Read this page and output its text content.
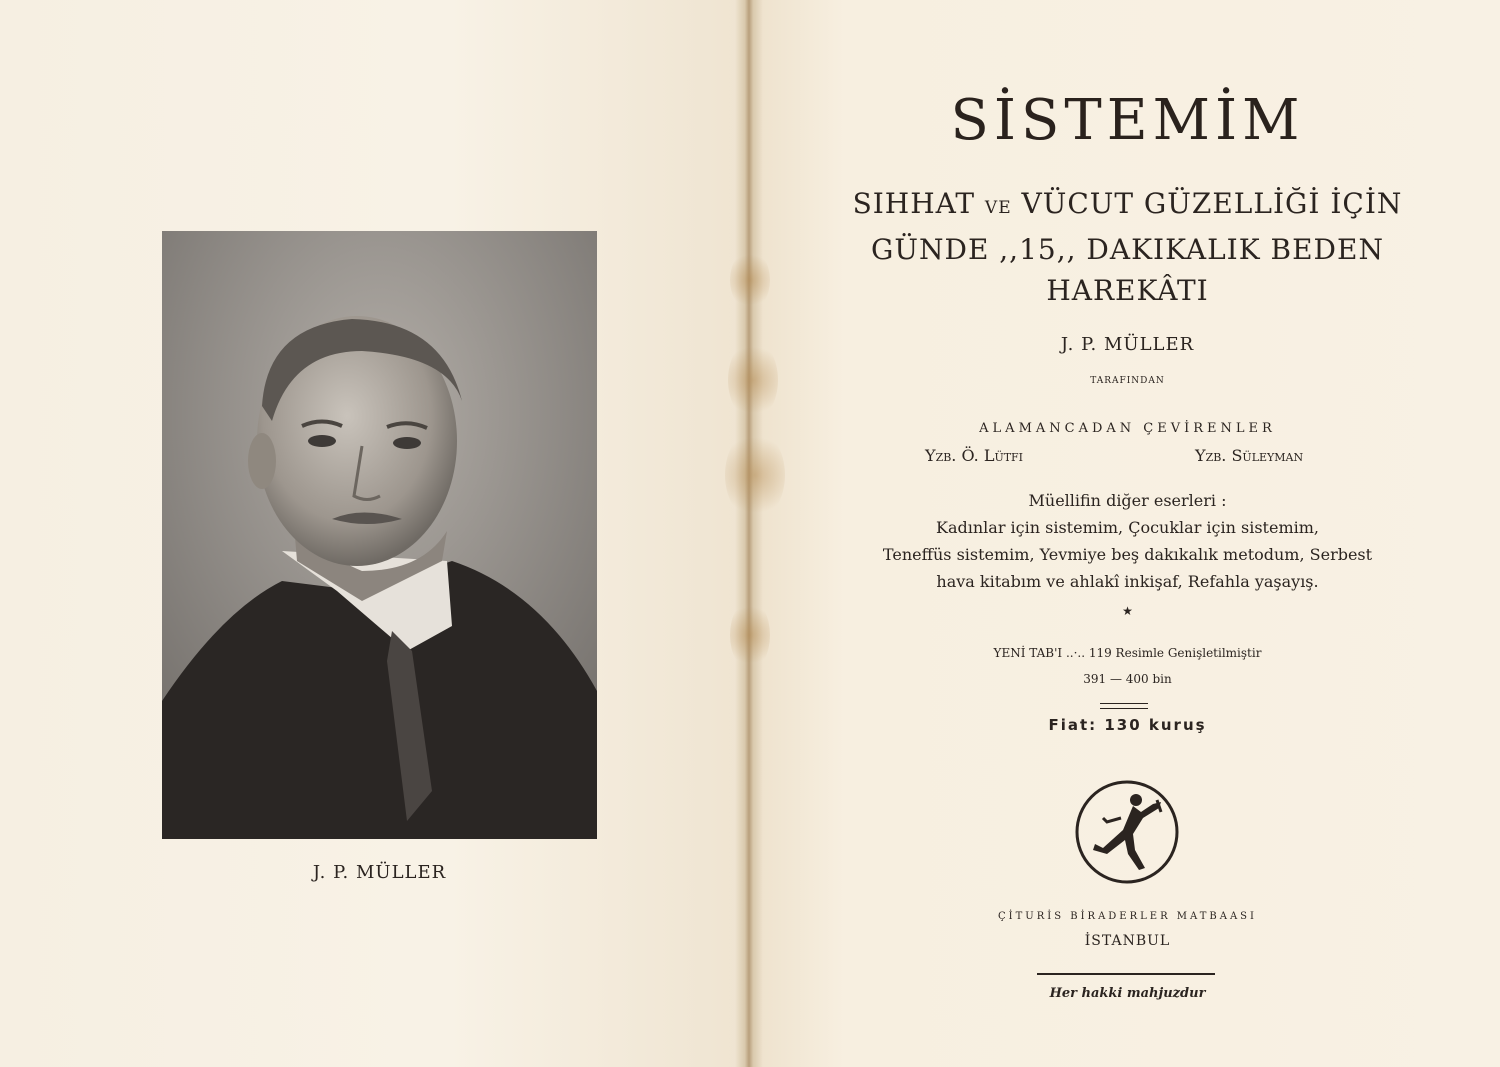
J. P. MÜLLER
SİSTEMİM
SIHHAT VE VÜCUT GÜZELLİĞİ İÇİN
GÜNDE ,,15,, DAKIKALIK BEDEN
HAREKÂTI
J. P. MÜLLER
TARAFINDAN
ALAMANCADAN ÇEVİRENLER
Yzb. Ö. Lütfi	Yzb. Süleyman
Müellifin diğer eserleri :
Kadınlar için sistemim, Çocuklar için sistemim,
Teneffüs sistemim, Yevmiye beş dakıkalık metodum, Serbest
hava kitabım ve ahlakî inkişaf, Refahla yaşayış.
★
YENİ TAB'I ..·.. 119 Resimle Genişletilmiştir
391 — 400 bin
Fiat: 130 kuruş
ÇİTURİS BİRADERLER MATBAASI
İSTANBUL
Her hakki mahjuzdur
